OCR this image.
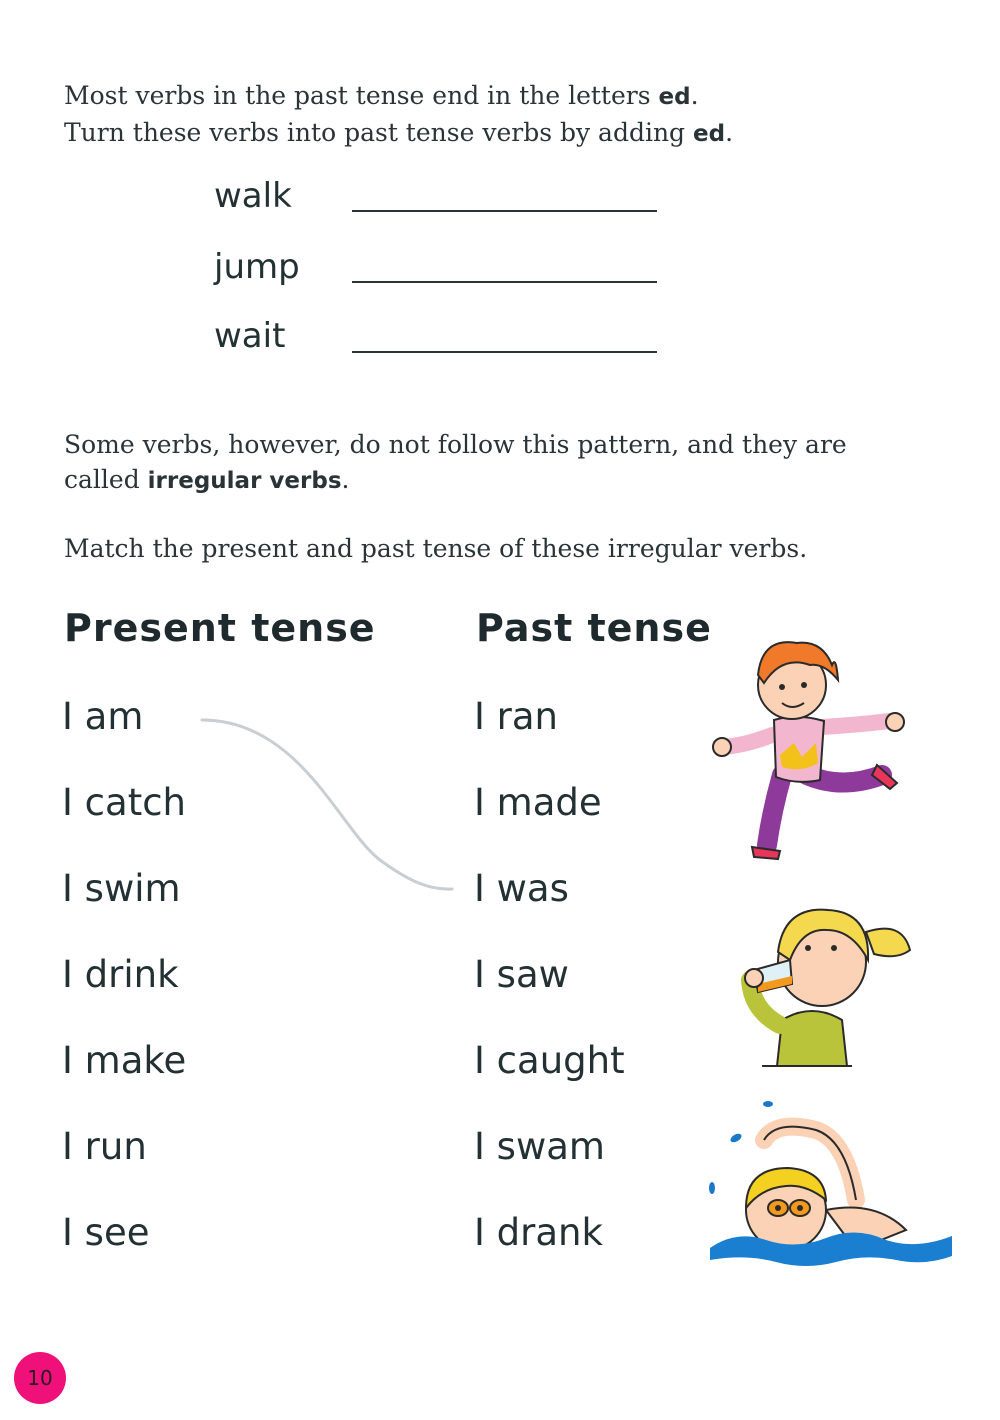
Most verbs in the past tense end in the letters ed.
Turn these verbs into past tense verbs by adding ed.
walk
jump
wait
Some verbs, however, do not follow this pattern, and they are
called irregular verbs.
Match the present and past tense of these irregular verbs.
Present tense	Past tense
I am
I catch
I swim
I drink
I make
I run
I see
I ran
I made
I was
I saw
I caught
I swam
I drank
10
